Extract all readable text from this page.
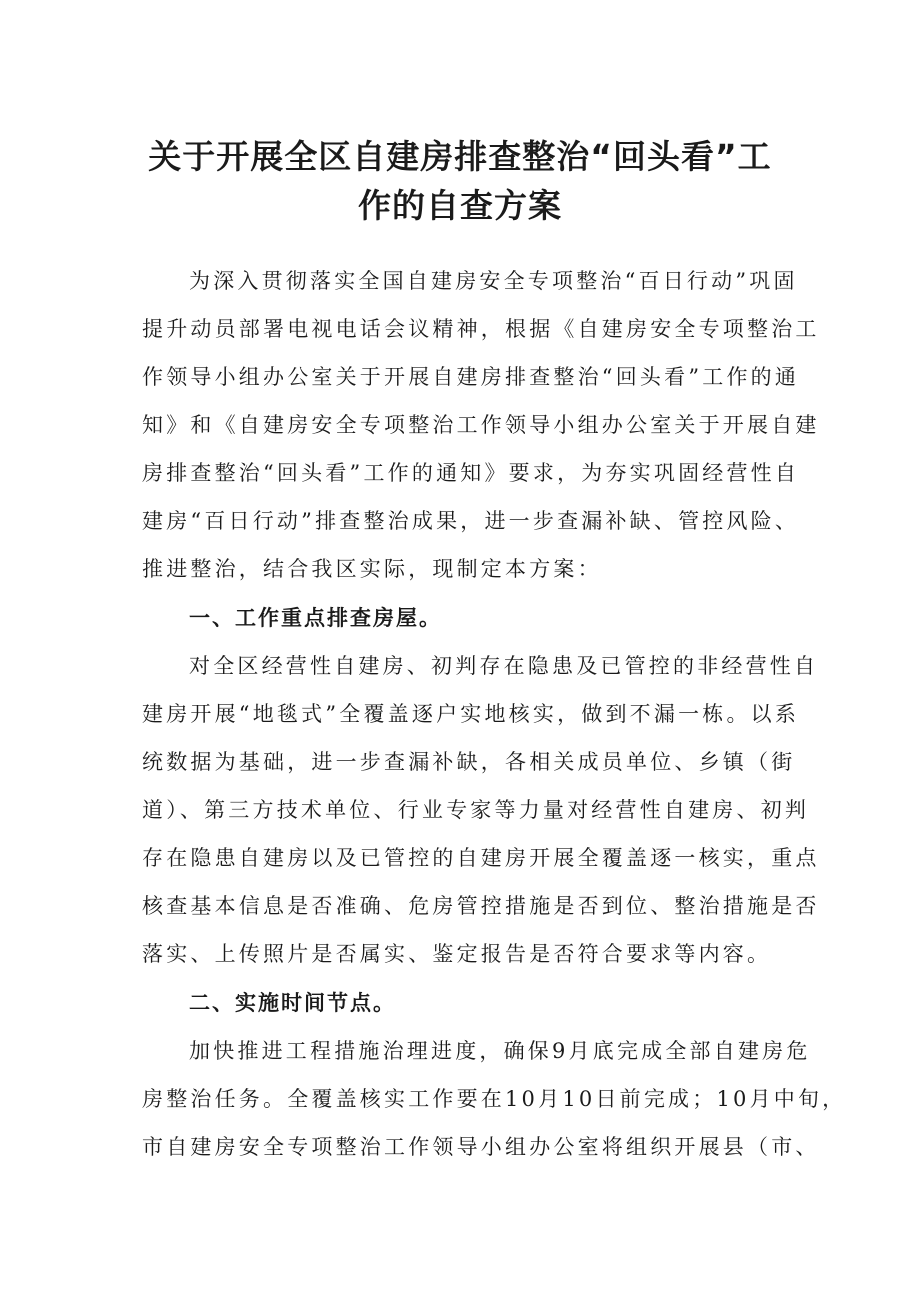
关于开展全区自建房排查整治“回头看”工
作的自查方案

为深入贯彻落实全国自建房安全专项整治“百日行动”巩固

提升动员部署电视电话会议精神，根据《自建房安全专项整治工

作领导小组办公室关于开展自建房排查整治“回头看”工作的通

知》和《自建房安全专项整治工作领导小组办公室关于开展自建

房排查整治“回头看”工作的通知》要求，为夯实巩固经营性自

建房“百日行动”排查整治成果，进一步查漏补缺、管控风险、

推进整治，结合我区实际，现制定本方案：

一、工作重点排查房屋。

对全区经营性自建房、初判存在隐患及已管控的非经营性自

建房开展“地毯式”全覆盖逐户实地核实，做到不漏一栋。以系

统数据为基础，进一步查漏补缺，各相关成员单位、乡镇（街

道）、第三方技术单位、行业专家等力量对经营性自建房、初判

存在隐患自建房以及已管控的自建房开展全覆盖逐一核实，重点

核查基本信息是否准确、危房管控措施是否到位、整治措施是否

落实、上传照片是否属实、鉴定报告是否符合要求等内容。

二、实施时间节点。

加快推进工程措施治理进度，确保9月底完成全部自建房危

房整治任务。全覆盖核实工作要在10月10日前完成；10月中旬，

市自建房安全专项整治工作领导小组办公室将组织开展县（市、
